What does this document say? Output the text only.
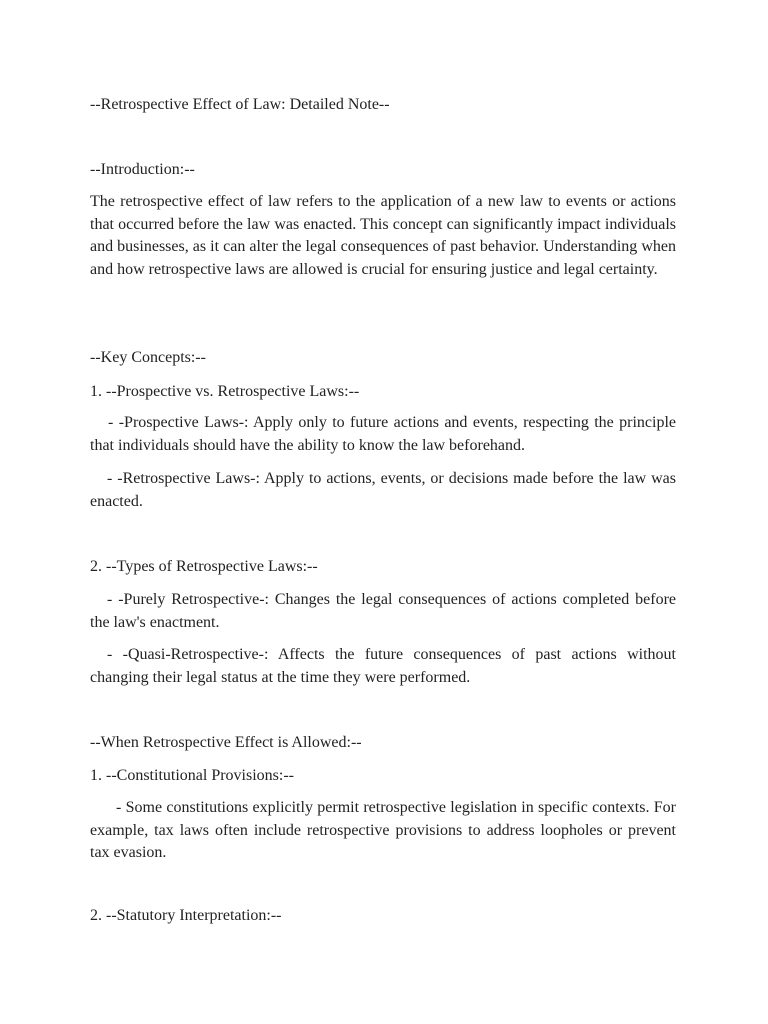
--Retrospective Effect of Law: Detailed Note--
--Introduction:--
The retrospective effect of law refers to the application of a new law to events or actions that occurred before the law was enacted. This concept can significantly impact individuals and businesses, as it can alter the legal consequences of past behavior. Understanding when and how retrospective laws are allowed is crucial for ensuring justice and legal certainty.
--Key Concepts:--
1. --Prospective vs. Retrospective Laws:--
- -Prospective Laws-: Apply only to future actions and events, respecting the principle that individuals should have the ability to know the law beforehand.
- -Retrospective Laws-: Apply to actions, events, or decisions made before the law was enacted.
2. --Types of Retrospective Laws:--
- -Purely Retrospective-: Changes the legal consequences of actions completed before the law's enactment.
- -Quasi-Retrospective-: Affects the future consequences of past actions without changing their legal status at the time they were performed.
--When Retrospective Effect is Allowed:--
1. --Constitutional Provisions:--
- Some constitutions explicitly permit retrospective legislation in specific contexts. For example, tax laws often include retrospective provisions to address loopholes or prevent tax evasion.
2. --Statutory Interpretation:--
